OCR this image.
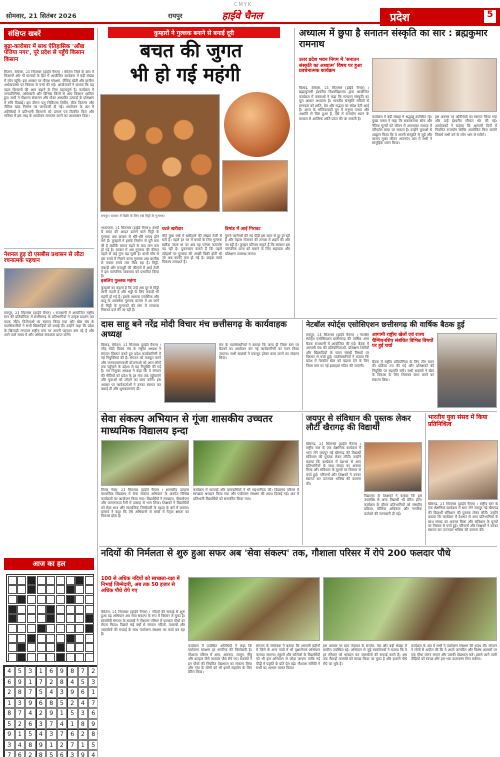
CMYK
सोमवार, 21 सितंबर 2026	रायपुर	हाईवे चैनल	प्रदेश	5
संक्षिप्त खबरें
बुढ़ा-कारोबार में साथ ऐतिहासिक 'आँख पत्तिया नगर', पूरे प्रदेश से पहुँचे किसान किसान
मितान, बेमेतरा, 21 सितम्बर (हाईवे चैनल) । बेमेतरा जिले के ग्राम में किसानों और गौ पालकों के हित में आयोजित कार्यक्रम में बड़ी संख्या में लोग पहुँचे। इस अवसर पर गौवंश संरक्षण, जैविक खेती और ग्रामीण अर्थव्यवस्था पर विस्तार से चर्चा की गई। आयोजकों ने बताया कि यह पहल किसानों की आय बढ़ाने के लिए महत्वपूर्ण है। कार्यक्रम में जनप्रतिनिधि, अधिकारी और विभिन्न जिलों से आए किसान शामिल हुए। सभी ने गौशाला संचालन और गोबर आधारित उत्पादों के प्रशिक्षण में रुचि दिखाई। इस दौरान पशु चिकित्सा शिविर, बीज वितरण और जैविक खाद निर्माण पर जानकारी दी गई। आयोजन के अंत में अतिथियों ने प्रतिभागी किसानों को प्रमाण पत्र वितरित किए और भविष्य में इस तरह के आयोजन लगातार करने का आश्वासन दिया।
नेशनल हुड़ दो एसबीस प्रशासन से लौटा रचनात्मक पहचान
रायपुर, 21 सितम्बर (हाईवे चैनल) । राजधानी में आयोजित राष्ट्रीय स्तर की प्रतियोगिता में छत्तीसगढ़ के प्रतिभागियों ने उत्कृष्ट प्रदर्शन कर पदक जीते। विजेताओं का स्वागत किया गया और खेल संघ के पदाधिकारियों ने सभी खिलाड़ियों को बधाई दी। उन्होंने कहा कि प्रदेश के खिलाड़ी लगातार राष्ट्रीय स्तर पर अपनी पहचान बना रहे हैं और आने वाले समय में और अधिक सफलता प्राप्त करेंगे।
आज का हल
4	5	3	1	6	9	8	7	2
6	9	1	7	2	8	4	5	3
2	8	7	5	4	3	9	6	1
1	3	9	6	8	5	2	4	7
8	7	4	2	9	1	5	3	6
5	2	6	3	7	4	1	8	9
9	1	5	4	3	7	6	2	8
3	4	8	9	1	2	7	1	5
7	6	2	8	5	6	3	9	4
कुम्हारों ने गुल्लक बनाने से बनाई दूरी
बचत की जुगत
भी हो गई महंगी
रायपुर। बाजार में बिक्री के लिए रखे मिट्टी के गुल्लक।
भाठापारा, 21 सितम्बर (हाईवे चैनल)। बच्चों में बचत की आदत डालने वाले मिट्टी के गुल्लक अब बाजार से धीरे-धीरे गायब होने लगे हैं। कुम्हारों ने इसके निर्माण से दूरी बना ली है क्योंकि लागत बढ़ने के बाद मांग कम हो गई है। बाजार में अब गुल्लक की कीमत पहले से कई गुना बढ़ चुकी है। कभी पाँच से दस रुपये में मिलने वाला गुल्लक अब चालीस से पचास रुपये तक बिक रहा है। मिट्टी, लकड़ी और मजदूरी की कीमतों में आई तेजी ने इस पारंपरिक व्यवसाय को प्रभावित किया है।
इसलिए गुल्लक महंगा
कुम्हारों का कहना है कि उन्हें अब दूर से मिट्टी लानी पड़ती है और भट्ठी के लिए लकड़ी भी महंगी हो गई है। इसके अलावा प्लास्टिक और धातु के आकर्षक गुल्लक बाजार में आ जाने से मिट्टी के गुल्लकों की मांग में लगातार गिरावट दर्ज की जा रही है।
घटते खरीदार
बीते कुछ वर्षों में खरीदारों की संख्या तेजी से घटी है। पहले हर घर में बच्चों के लिए गुल्लक खरीदा जाता था पर अब यह परंपरा कमजोर पड़ रही है। दुकानदार बताते हैं कि पहले त्योहारों पर गुल्लक की अच्छी बिक्री होती थी जो अब काफी कम हो गई है। ग्राहक सस्ते विकल्प तलाशते हैं।
डिमांड में आई गिरावट
पुराने कारीगरों की नई पीढ़ी इस काम से दूर हो रही है और बेहतर रोजगार की तलाश में शहरों की ओर जा रही है। कुम्हार परिवार चाहते हैं कि सरकार इस पारंपरिक कला को बचाने के लिए सहायता और प्रशिक्षण उपलब्ध कराए।
अध्यात्म में छुपा है सनातन संस्कृति का सार : ब्रह्मकुमार रामनाथ
उत्तर प्रदेश भवन निगम में 'सनातन संस्कृति का अध्यात्म' विषय पर हुआ प्रवचनात्मक कार्यक्रम
बिलाड़, बेमेतरा, 21 सितम्बर (हाईवे चैनल) । ब्रह्माकुमारी ईश्वरीय विश्वविद्यालय द्वारा आयोजित कार्यक्रम में वक्ताओं ने कहा कि सनातन संस्कृति का मूल आधार अध्यात्म है। भारतीय संस्कृति सदियों से मानवता को शांति, प्रेम और सद्भाव का संदेश देती आई है। आज के भौतिकवादी युग में मनुष्य तनाव और अशांति से घिरा हुआ है, ऐसे में राजयोग ध्यान के माध्यम से आत्मिक शांति प्राप्त की जा सकती है।	कार्यक्रम में बड़ी संख्या में श्रद्धालु उपस्थित रहे। मुख्य वक्ता ने कहा कि सकारात्मक सोच और नैतिक मूल्यों को जीवन में अपनाकर समाज में परिवर्तन लाया जा सकता है। उन्होंने युवाओं से आह्वान किया कि वे अपनी संस्कृति से जुड़ें और व्यसन मुक्त जीवन अपनाएं। अंत में सभी ने सामूहिक ध्यान किया।
इस अवसर पर अतिथियों का स्वागत किया गया और उन्हें ईश्वरीय सौगात भेंट की गई। आयोजकों ने बताया कि आगामी दिनों में नियमित राजयोग शिविर आयोजित किए जाएंगे जिसमें सभी वर्ग के लोग भाग ले सकेंगे।
दास साहू बने नरेंद्र मोदी विचार मंच छत्तीसगढ़ के कार्यवाहक अध्यक्ष
बिलाड़, बेमेतरा, 21 सितम्बर (हाईवे चैनल) । नरेंद्र मोदी विचार मंच के राष्ट्रीय अध्यक्ष ने संगठन विस्तार करते हुए प्रदेश कार्यकारिणी में नई नियुक्तियां की हैं। संगठन को मजबूत करने और जनकल्याणकारी योजनाओं को आम लोगों तक पहुँचाने के उद्देश्य से यह नियुक्ति की गई है। नव नियुक्त अध्यक्ष ने कहा कि वे संगठन की नीतियों को प्रदेश के हर गांव तक पहुँचाएंगे और युवाओं को जोड़ने का काम करेंगे। इस अवसर पर कार्यकर्ताओं ने उनका स्वागत कर बधाई दी और शुभकामनाएं दीं।
मंच के पदाधिकारियों ने बताया कि जल्द ही जिला स्तर पर बैठकों का आयोजन कर नई कार्यकारिणी का गठन किया जाएगा। सभी सदस्यों ने एकजुट होकर काम करने का संकल्प लिया।
नेटबॉल स्पोर्ट्स एसोसिएशन छत्तीसगढ़ की वार्षिक बैठक हुई
रायपुर, 21 सितम्बर (हाईवे चैनल) । नेटबॉल स्पोर्ट्स एसोसिएशन छत्तीसगढ़ की वार्षिक आम बैठक राजधानी में आयोजित की गई। बैठक में आगामी सत्र की प्रतियोगिताओं, प्रशिक्षण शिविरों और खिलाड़ियों के चयन संबंधी विषयों पर विस्तार से चर्चा हुई। पदाधिकारियों ने बताया कि प्रदेश में नेटबॉल खेल को बढ़ावा देने के लिए जिला स्तर पर नई इकाइयां गठित की जाएंगी।
आगामी राष्ट्रीय खेलों एवं राज्य चैम्पियनशिप संबंधित विभिन्न विषयों पर हुई चर्चा
बैठक में राष्ट्रीय प्रतियोगिता के लिए टीम चयन की प्रक्रिया तय की गई और प्रशिक्षकों की नियुक्ति पर सहमति बनी। सभी सदस्यों ने खेल के विकास के लिए मिलकर काम करने का संकल्प लिया।
सेवा संकल्प अभियान से गूंजा शासकीय उच्चतर माध्यमिक विद्यालय इन्दा
तिल्दा नेवरा, 21 सितम्बर (हाईवे चैनल) । शासकीय उच्चतर माध्यमिक विद्यालय में सेवा संकल्प अभियान के अंतर्गत विभिन्न कार्यक्रमों का आयोजन किया गया। विद्यार्थियों ने स्वच्छता, पौधारोपण और जागरूकता रैली में उत्साह से भाग लिया। शिक्षकों ने विद्यार्थियों को सेवा भाव और सामाजिक जिम्मेदारी के महत्व के बारे में बताया। प्राचार्य ने कहा कि ऐसे अभियानों से बच्चों में नेतृत्व क्षमता का विकास होता है।
कार्यक्रम में पालकों और ग्रामवासियों ने भी सहभागिता की। विद्यालय परिसर में स्वच्छता श्रमदान किया गया और पर्यावरण संरक्षण की शपथ दिलाई गई। अंत में प्रतिभागी विद्यार्थियों को सम्मानित किया गया।
जयपुर से संविधान की पुस्तक लेकर लौटीं खैरागढ़ की विद्यार्थी
खैरागढ़, 21 सितम्बर (हाईवे चैनल) । राष्ट्रीय स्तर के एक शैक्षणिक कार्यक्रम में भाग लेने जयपुर गई खैरागढ़ की विद्यार्थी संविधान की पुस्तक लेकर लौटीं। उन्होंने बताया कि कार्यक्रम में देशभर से आए प्रतिभागियों के साथ संवाद का अवसर मिला और संविधान के मूल्यों पर विस्तार से चर्चा हुई। परिजनों और शिक्षकों ने उनका स्वागत कर उज्ज्वल भविष्य की कामना की।
विद्यालय के शिक्षकों ने बताया कि इस उपलब्धि से अन्य विद्यार्थी भी प्रेरित होंगे। कार्यक्रम के दौरान प्रतिभागियों को संसदीय प्रक्रिया, मौलिक अधिकार और नागरिक कर्तव्यों की जानकारी दी गई।
भारतीय युवा संसद में किया प्रतिनिधित्व
खैरागढ़, 21 सितम्बर (हाईवे चैनल) । राष्ट्रीय स्तर के एक शैक्षणिक कार्यक्रम में भाग लेने जयपुर गई खैरागढ़ की विद्यार्थी संविधान की पुस्तक लेकर लौटीं। उन्होंने बताया कि कार्यक्रम में देशभर से आए प्रतिभागियों के साथ संवाद का अवसर मिला और संविधान के मूल्यों पर विस्तार से चर्चा हुई। परिजनों और शिक्षकों ने उनका स्वागत कर उज्ज्वल भविष्य की कामना की।
नदियों की निर्मलता से शुरु हुआ सफर अब 'सेवा संकल्प' तक, गौशाला परिसर में रोपे 200 फलदार पौधे
100 से अधिक नदियों को स्वच्छता-रक्षा में निभाई जिम्मेदारी, अब तक 50 हजार से अधिक पौधे रोपे गए
बेमेतरा, 21 सितम्बर (हाईवे चैनल) । नदियों की सफाई से शुरू हुआ यह अभियान अब सेवा संकल्प के रूप में विस्तार ले चुका है। स्वयंसेवी संगठन के सदस्यों ने गौशाला परिसर में फलदार पौधों का रोपण किया। पिछले कई वर्षों से संगठन नदियों, तालाबों और जलस्रोतों की सफाई के साथ पर्यावरण संरक्षण का कार्य कर रहा है।
कार्यक्रम में उपस्थित अतिथियों ने कहा कि पर्यावरण संरक्षण हर नागरिक की जिम्मेदारी है। गौशाला परिसर में आम, अमरूद, जामुन, नींबू और कटहल जैसे फलदार पौधे रोपे गए। सदस्यों ने इन पौधों की नियमित देखभाल का संकल्प लिया और गांव के लोगों को भी इसमें सहयोग के लिए प्रेरित किया।
संगठन के संयोजक ने बताया कि आगामी महीनों में जिले के अन्य गांवों में भी वृक्षारोपण अभियान चलाया जाएगा। स्कूलों और कॉलेजों के विद्यार्थियों को भी इस अभियान से जोड़ा जाएगा ताकि नई पीढ़ी में प्रकृति के प्रति प्रेम बढ़े। गौशाला समिति ने सभी का आभार व्यक्त किया।
इस अवसर पर ग्राम पंचायत के सरपंच, पंच और बड़ी संख्या में ग्रामीण उपस्थित रहे। अभियान से जुड़े स्वयंसेवकों ने बताया कि वे हर रविवार को श्रमदान कर जलस्रोतों की सफाई करते हैं। अब तक सैकड़ों तालाबों को स्वच्छ किया जा चुका है और हजारों पौधे रोपे जा चुके हैं।
कार्यक्रम के अंत में सभी ने पर्यावरण संरक्षण की शपथ ली। संगठन ने लोगों से अपील की कि वे अपने जन्मदिन और विशेष अवसरों पर एक पौधा जरूर लगाएं और उसकी देखभाल करें। इससे आने वाली पीढ़ियों को स्वच्छ और हरा-भरा वातावरण मिल सकेगा।
